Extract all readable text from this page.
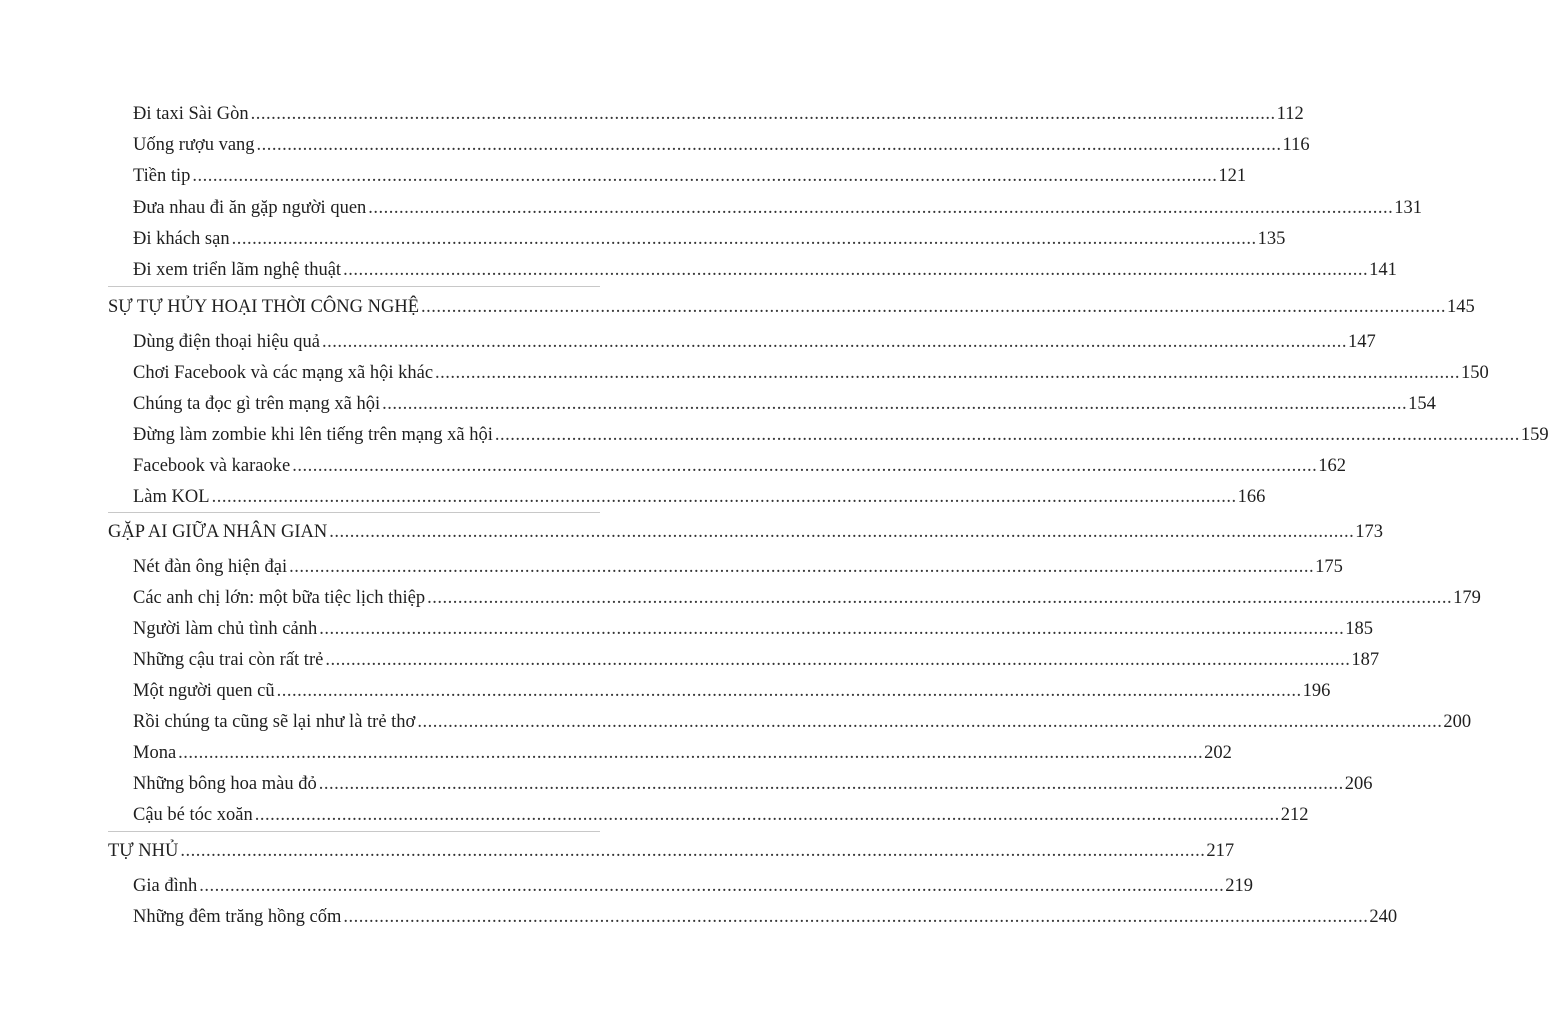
Đi taxi Sài Gòn ........................................................................................................................................................................................................ 112
Uống rượu vang ........................................................................................................................................................................................................ 116
Tiền tip ........................................................................................................................................................................................................ 121
Đưa nhau đi ăn gặp người quen ........................................................................................................................................................................................................ 131
Đi khách sạn ........................................................................................................................................................................................................ 135
Đi xem triển lãm nghệ thuật ........................................................................................................................................................................................................ 141
SỰ TỰ HỦY HOẠI THỜI CÔNG NGHỆ ........................................................................................................................................................................................................ 145
Dùng điện thoại hiệu quả ........................................................................................................................................................................................................ 147
Chơi Facebook và các mạng xã hội khác ........................................................................................................................................................................................................ 150
Chúng ta đọc gì trên mạng xã hội ........................................................................................................................................................................................................ 154
Đừng làm zombie khi lên tiếng trên mạng xã hội ........................................................................................................................................................................................................ 159
Facebook và karaoke ........................................................................................................................................................................................................ 162
Làm KOL ........................................................................................................................................................................................................ 166
GẶP AI GIỮA NHÂN GIAN ........................................................................................................................................................................................................ 173
Nét đàn ông hiện đại ........................................................................................................................................................................................................ 175
Các anh chị lớn: một bữa tiệc lịch thiệp ........................................................................................................................................................................................................ 179
Người làm chủ tình cảnh ........................................................................................................................................................................................................ 185
Những cậu trai còn rất trẻ ........................................................................................................................................................................................................ 187
Một người quen cũ ........................................................................................................................................................................................................ 196
Rồi chúng ta cũng sẽ lại như là trẻ thơ ........................................................................................................................................................................................................ 200
Mona ........................................................................................................................................................................................................ 202
Những bông hoa màu đỏ ........................................................................................................................................................................................................ 206
Cậu bé tóc xoăn ........................................................................................................................................................................................................ 212
TỰ NHỦ ........................................................................................................................................................................................................ 217
Gia đình ........................................................................................................................................................................................................ 219
Những đêm trăng hồng cốm ........................................................................................................................................................................................................ 240
